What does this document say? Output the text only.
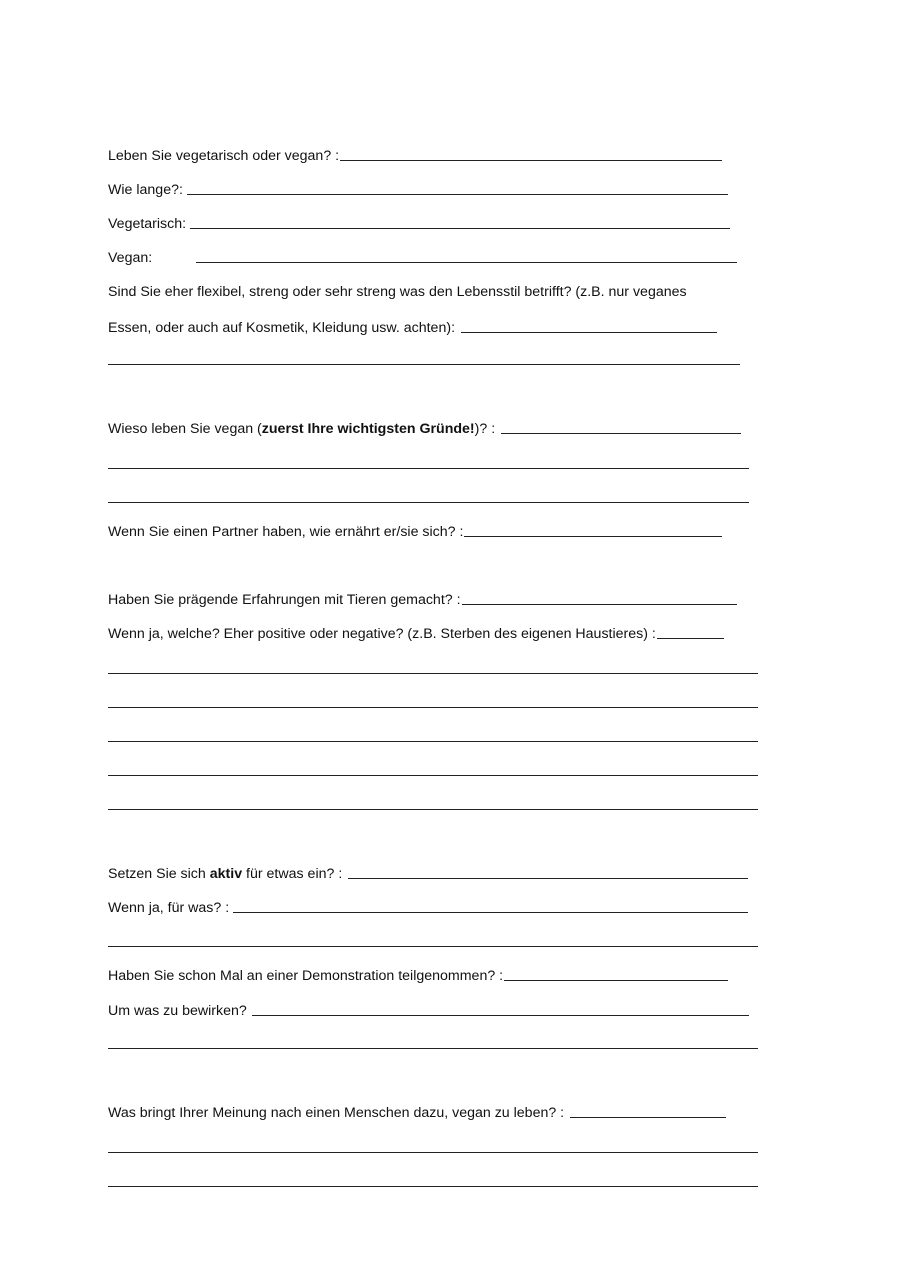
Leben Sie vegetarisch oder vegan? :
Wie lange?:
Vegetarisch:
Vegan:
Sind Sie eher flexibel, streng oder sehr streng was den Lebensstil betrifft? (z.B. nur veganes
Essen, oder auch auf Kosmetik, Kleidung usw. achten):
Wieso leben Sie vegan ( zuerst Ihre wichtigsten Gründe! )? :
Wenn Sie einen Partner haben, wie ernährt er/sie sich? :
Haben Sie prägende Erfahrungen mit Tieren gemacht? :
Wenn ja, welche? Eher positive oder negative? (z.B. Sterben des eigenen Haustieres) :
Setzen Sie sich
aktiv
für etwas ein? :
Wenn ja, für was? :
Haben Sie schon Mal an einer Demonstration teilgenommen? :
Um was zu bewirken?
Was bringt Ihrer Meinung nach einen Menschen dazu, vegan zu leben? :
